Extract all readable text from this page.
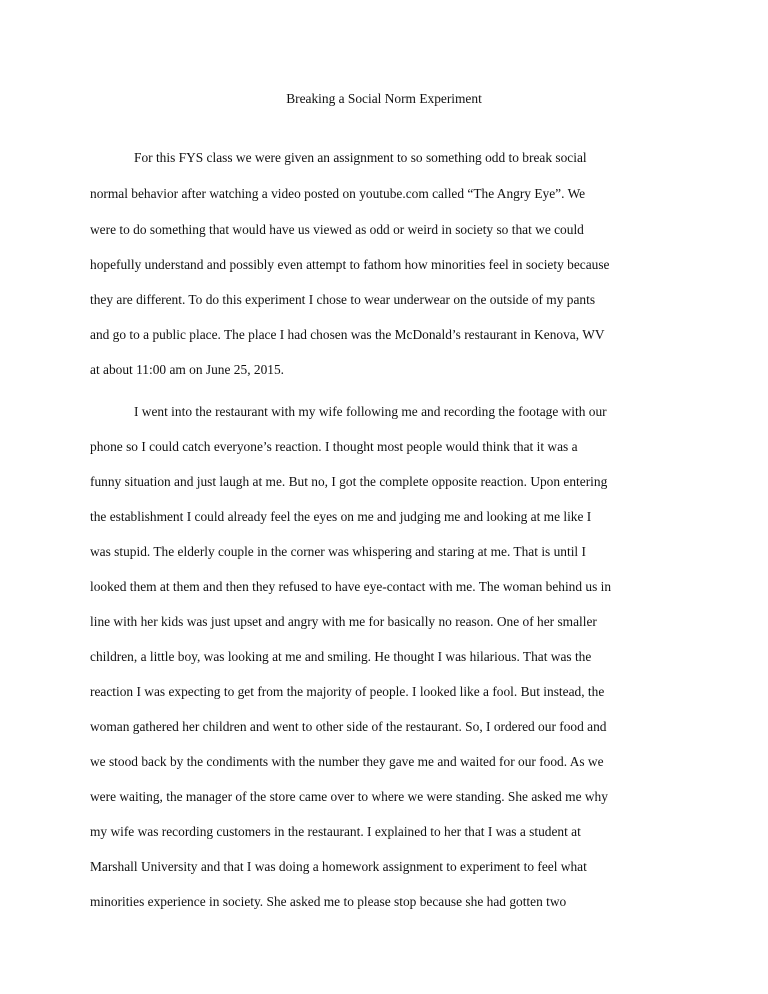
Breaking a Social Norm Experiment
For this FYS class we were given an assignment to so something odd to break social
normal behavior after watching a video posted on youtube.com called “The Angry Eye”. We
were to do something that would have us viewed as odd or weird in society so that we could
hopefully understand and possibly even attempt to fathom how minorities feel in society because
they are different. To do this experiment I chose to wear underwear on the outside of my pants
and go to a public place. The place I had chosen was the McDonald’s restaurant in Kenova, WV
at about 11:00 am on June 25, 2015.
I went into the restaurant with my wife following me and recording the footage with our
phone so I could catch everyone’s reaction. I thought most people would think that it was a
funny situation and just laugh at me. But no, I got the complete opposite reaction. Upon entering
the establishment I could already feel the eyes on me and judging me and looking at me like I
was stupid. The elderly couple in the corner was whispering and staring at me. That is until I
looked them at them and then they refused to have eye-contact with me. The woman behind us in
line with her kids was just upset and angry with me for basically no reason. One of her smaller
children, a little boy, was looking at me and smiling. He thought I was hilarious. That was the
reaction I was expecting to get from the majority of people. I looked like a fool. But instead, the
woman gathered her children and went to other side of the restaurant. So, I ordered our food and
we stood back by the condiments with the number they gave me and waited for our food. As we
were waiting, the manager of the store came over to where we were standing. She asked me why
my wife was recording customers in the restaurant. I explained to her that I was a student at
Marshall University and that I was doing a homework assignment to experiment to feel what
minorities experience in society. She asked me to please stop because she had gotten two
